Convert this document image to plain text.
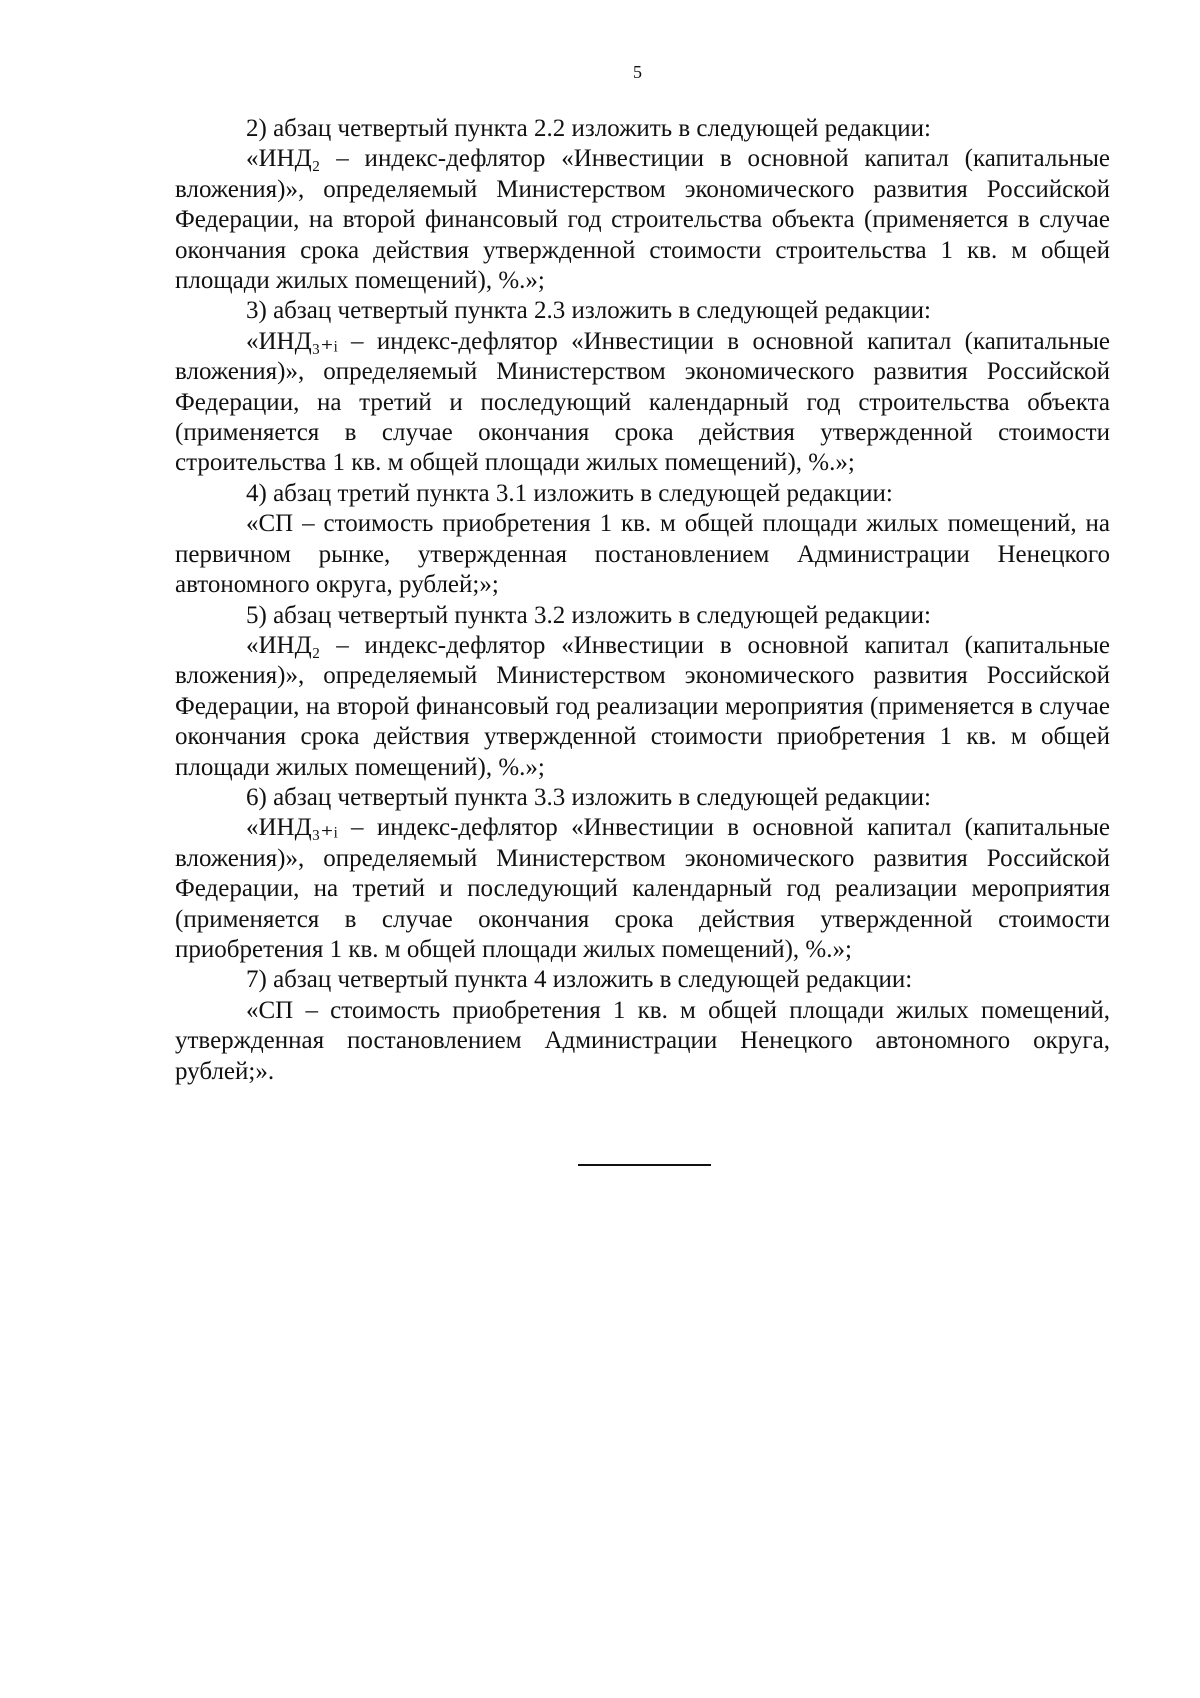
5

2) абзац четвертый пункта 2.2 изложить в следующей редакции:

«ИНД₂ – индекс-дефлятор «Инвестиции в основной капитал (капитальные вложения)», определяемый Министерством экономического развития Российской Федерации, на второй финансовый год строительства объекта (применяется в случае окончания срока действия утвержденной стоимости строительства 1 кв. м общей площади жилых помещений), %.»;

3) абзац четвертый пункта 2.3 изложить в следующей редакции:

«ИНД₃₊ᵢ – индекс-дефлятор «Инвестиции в основной капитал (капитальные вложения)», определяемый Министерством экономического развития Российской Федерации, на третий и последующий календарный год строительства объекта (применяется в случае окончания срока действия утвержденной стоимости строительства 1 кв. м общей площади жилых помещений), %.»;

4) абзац третий пункта 3.1 изложить в следующей редакции:

«СП – стоимость приобретения 1 кв. м общей площади жилых помещений, на первичном рынке, утвержденная постановлением Администрации Ненецкого автономного округа, рублей;»;

5) абзац четвертый пункта 3.2 изложить в следующей редакции:

«ИНД₂ – индекс-дефлятор «Инвестиции в основной капитал (капитальные вложения)», определяемый Министерством экономического развития Российской Федерации, на второй финансовый год реализации мероприятия (применяется в случае окончания срока действия утвержденной стоимости приобретения 1 кв. м общей площади жилых помещений), %.»;

6) абзац четвертый пункта 3.3 изложить в следующей редакции:

«ИНД₃₊ᵢ – индекс-дефлятор «Инвестиции в основной капитал (капитальные вложения)», определяемый Министерством экономического развития Российской Федерации, на третий и последующий календарный год реализации мероприятия (применяется в случае окончания срока действия утвержденной стоимости приобретения 1 кв. м общей площади жилых помещений), %.»;

7) абзац четвертый пункта 4 изложить в следующей редакции:

«СП – стоимость приобретения 1 кв. м общей площади жилых помещений, утвержденная постановлением Администрации Ненецкого автономного округа, рублей;».
